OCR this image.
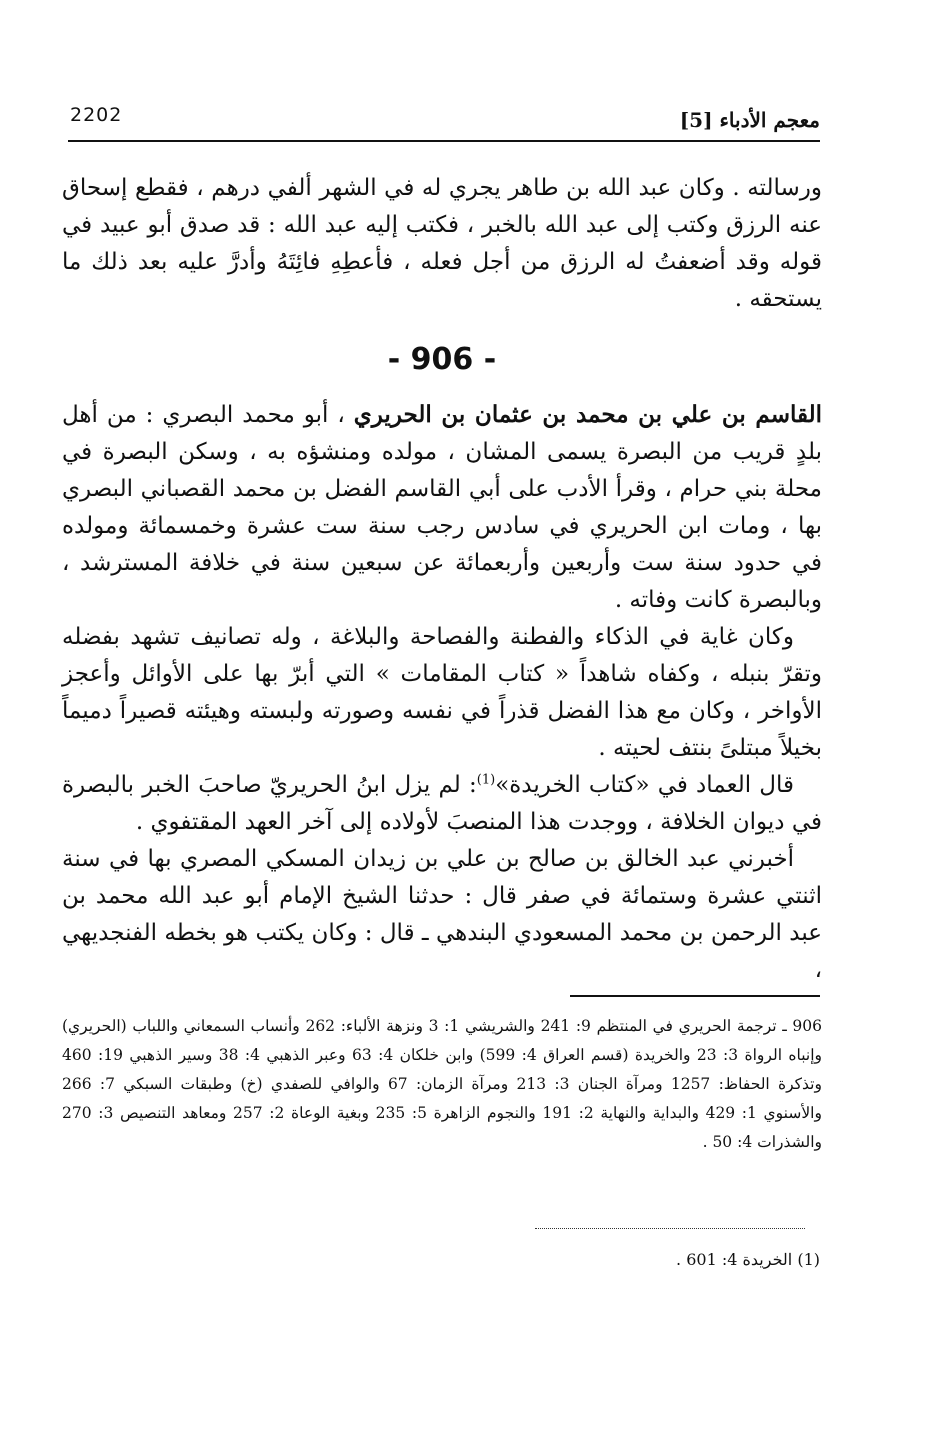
معجم الأدباء [5]
2202

ورسالته . وكان عبد الله بن طاهر يجري له في الشهر ألفي درهم ، فقطع إسحاق عنه الرزق وكتب إلى عبد الله بالخبر ، فكتب إليه عبد الله : قد صدق أبو عبيد في قوله وقد أضعفتُ له الرزق من أجل فعله ، فأعطِهِ فائِتَهُ وأدرَّ عليه بعد ذلك ما يستحقه .

- 906 -

القاسم بن علي بن محمد بن عثمان بن الحريري ، أبو محمد البصري : من أهل بلدٍ قريب من البصرة يسمى المشان ، مولده ومنشؤه به ، وسكن البصرة في محلة بني حرام ، وقرأ الأدب على أبي القاسم الفضل بن محمد القصباني البصري بها ، ومات ابن الحريري في سادس رجب سنة ست عشرة وخمسمائة ومولده في حدود سنة ست وأربعين وأربعمائة عن سبعين سنة في خلافة المسترشد ، وبالبصرة كانت وفاته .

وكان غاية في الذكاء والفطنة والفصاحة والبلاغة ، وله تصانيف تشهد بفضله وتقرّ بنبله ، وكفاه شاهداً « كتاب المقامات » التي أبرّ بها على الأوائل وأعجز الأواخر ، وكان مع هذا الفضل قذراً في نفسه وصورته ولبسته وهيئته قصيراً دميماً بخيلاً مبتلىً بنتف لحيته .

قال العماد في «كتاب الخريدة»$^{(1)}$: لم يزل ابنُ الحريريّ صاحبَ الخبر بالبصرة في ديوان الخلافة ، ووجدت هذا المنصبَ لأولاده إلى آخر العهد المقتفوي .

أخبرني عبد الخالق بن صالح بن علي بن زيدان المسكي المصري بها في سنة اثنتي عشرة وستمائة في صفر قال : حدثنا الشيخ الإمام أبو عبد الله محمد بن عبد الرحمن بن محمد المسعودي البندهي ـ قال : وكان يكتب هو بخطه الفنجديهي ،

906 ـ ترجمة الحريري في المنتظم 9: 241 والشريشي 1: 3 ونزهة الألباء: 262 وأنساب السمعاني واللباب (الحريري) وإنباه الرواة 3: 23 والخريدة (قسم العراق 4: 599) وابن خلكان 4: 63 وعبر الذهبي 4: 38 وسير الذهبي 19: 460 وتذكرة الحفاظ: 1257 ومرآة الجنان 3: 213 ومرآة الزمان: 67 والوافي للصفدي (خ) وطبقات السبكي 7: 266 والأسنوي 1: 429 والبداية والنهاية 2: 191 والنجوم الزاهرة 5: 235 وبغية الوعاة 2: 257 ومعاهد التنصيص 3: 270 والشذرات 4: 50 .

(1) الخريدة 4: 601 .
